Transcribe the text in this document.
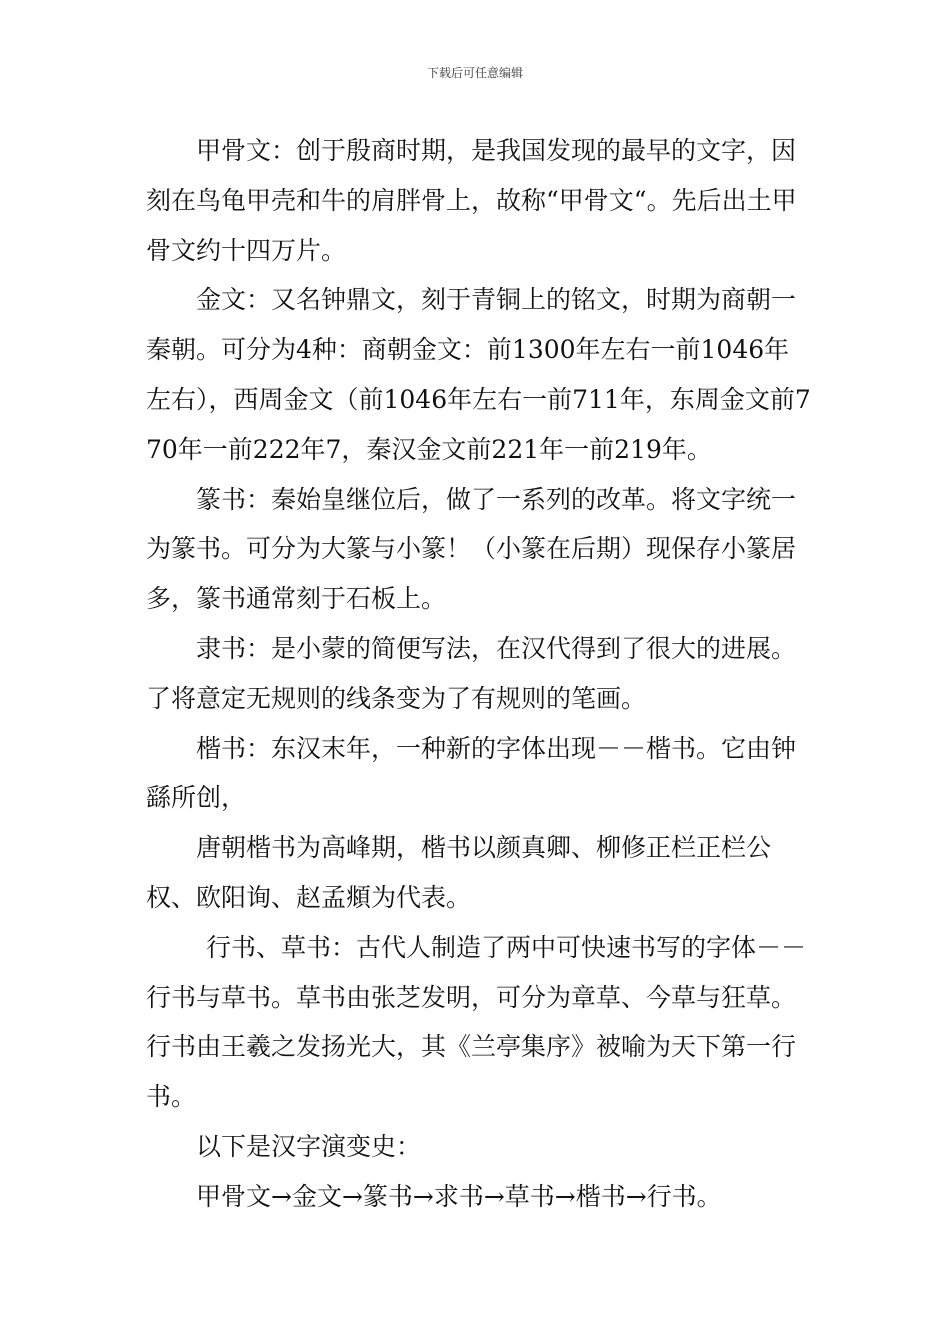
下载后可任意编辑

甲骨文：创于殷商时期，是我国发现的最早的文字，因刻在鸟龟甲壳和牛的肩胖骨上，故称“甲骨文“。先后出土甲骨文约十四万片。

金文：又名钟鼎文，刻于青铜上的铭文，时期为商朝一秦朝。可分为4种：商朝金文：前1300年左右一前1046年左右），西周金文（前1046年左右一前711年，东周金文前770年一前222年7，秦汉金文前221年一前219年。

篆书：秦始皇继位后，做了一系列的改革。将文字统一为篆书。可分为大篆与小篆！（小篆在后期）现保存小篆居多，篆书通常刻于石板上。

隶书：是小蒙的简便写法，在汉代得到了很大的进展。了将意定无规则的线条变为了有规则的笔画。

楷书：东汉末年，一种新的字体出现－－楷书。它由钟繇所创，

唐朝楷书为高峰期，楷书以颜真卿、柳修正栏正栏公权、欧阳询、赵孟頫为代表。

行书、草书：古代人制造了两中可快速书写的字体－－行书与草书。草书由张芝发明，可分为章草、今草与狂草。行书由王羲之发扬光大，其《兰亭集序》被喻为天下第一行书。

以下是汉字演变史：

甲骨文→金文→篆书→求书→草书→楷书→行书。
